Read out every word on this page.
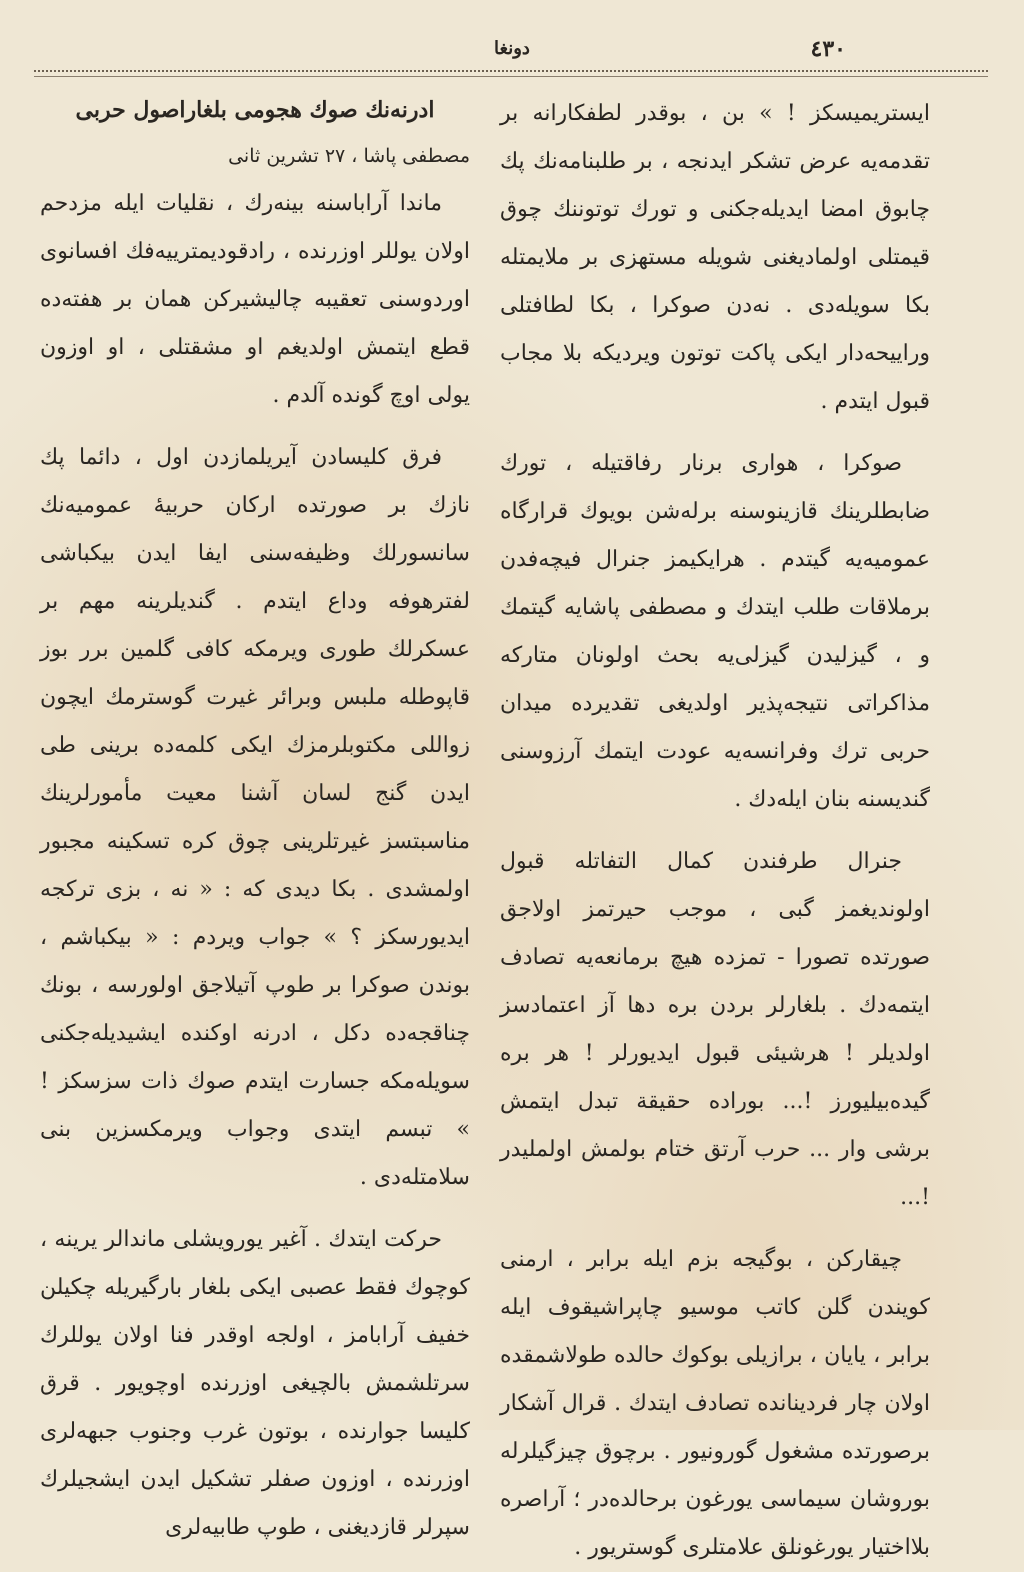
٤٣٠
دونغا

ايستريميسكز ! » بن ، بوقدر لطفكارانه بر تقدمه‌يه عرض تشكر ايدنجه ، بر طلبنامه‌نك پك چابوق امضا ايديله‌جكنى و تورك توتوننك چوق قيمتلى اولماديغنى شويله مستهزى بر ملايمتله بكا سويله‌دى . نه‌دن صوكرا ، بكا لطافتلى وراييحه‌دار ايكى پاكت توتون ويرديكه بلا مجاب قبول ايتدم .

صوكرا ، هوارى برنار رفاقتيله ، تورك ضابطلرينك قازينوسنه برله‌شن بويوك قرارگاه عموميه‌يه گيتدم . هرايكيمز جنرال فيچه‌فدن برملاقات طلب ايتدك و مصطفى پاشايه گيتمك و ، گيزليدن گيزلى‌يه بحث اولونان متاركه مذاكراتى نتيجه‌پذير اولديغى تقديرده ميدان حربى ترك وفرانسه‌يه عودت ايتمك آرزوسنى گنديسنه بنان ايله‌دك .

جنرال طرفندن كمال التفاتله قبول اولونديغمز گبى ، موجب حيرتمز اولاجق صورتده تصورا - تمزده هيچ برمانعه‌يه تصادف ايتمه‌دك . بلغارلر بردن بره دها آز اعتمادسز اولديلر ! هرشيئى قبول ايديورلر ! هر بره گيده‌بيليورز !... بوراده حقيقة تبدل ايتمش برشى وار ... حرب آرتق ختام بولمش اولمليدر !...

چيقاركن ، بوگيجه بزم ايله برابر ، ارمنى كويندن گلن كاتب موسيو چاپراشيقوف ايله برابر ، يايان ، برازيلى بوكوك حالده طولاشمقده اولان چار فرديناندە تصادف ايتدك . قرال آشكار برصورتده مشغول گورونيور . برچوق چيزگيلرله بوروشان سيماسى يورغون برحالده‌در ؛ آراصره بلااختيار يورغونلق علامتلرى گوستريور .

ادرنه‌نك صوك هجومى بلغاراصول حربى
مصطفى پاشا ، ٢٧ تشرين ثانى

ماندا آراباسنه بينه‌رك ، نقليات ايله مزدحم اولان يوللر اوزرنده ، رادقوديمترييه‌فك افسانوى اوردوسنى تعقيبه چاليشيركن همان بر هفته‌ده قطع ايتمش اولديغم او مشقتلى ، او اوزون يولى اوچ گونده آلدم .

فرق كليسادن آيريلمازدن اول ، دائما پك نازك بر صورتده اركان حربيۀ عموميه‌نك سانسورلك وظيفه‌سنى ايفا ايدن بيكباشى لفترهوفه وداع ايتدم . گنديلرينه مهم بر عسكرلك طورى ويرمكه كافى گلمين برر بوز قاپوطله ملبس وبرائر غيرت گوسترمك ايچون زواللى مكتوبلرمزك ايكى كلمه‌ده برينى طى ايدن گنج لسان آشنا معيت مأمورلرينك مناسبتسز غيرتلرينى چوق كره تسكينه مجبور اولمشدى . بكا ديدى كه : « نه ، بزى تركجه ايديورسكز ؟ » جواب ويردم : « بيكباشم ، بوندن صوكرا بر طوپ آتيلاجق اولورسه ، بونك چناقجه‌ده دكل ، ادرنه اوكنده ايشيديله‌جكنى سويله‌مكه جسارت ايتدم صوك ذات سزسكز ! » تبسم ايتدى وجواب ويرمكسزين بنى سلامتله‌دى .

حركت ايتدك . آغير يورويشلى ماندالر يرينه ، كوچوك فقط عصبى ايكى بلغار بارگيريله چكيلن خفيف آرابامز ، اولجه اوقدر فنا اولان يوللرك سرتلشمش بالچيغى اوزرنده اوچويور . قرق كليسا جوارنده ، بوتون غرب وجنوب جبهه‌لرى اوزرنده ، اوزون صفلر تشكيل ايدن ايشجيلرك سپرلر قازديغنى ، طوپ طابيه‌لرى
